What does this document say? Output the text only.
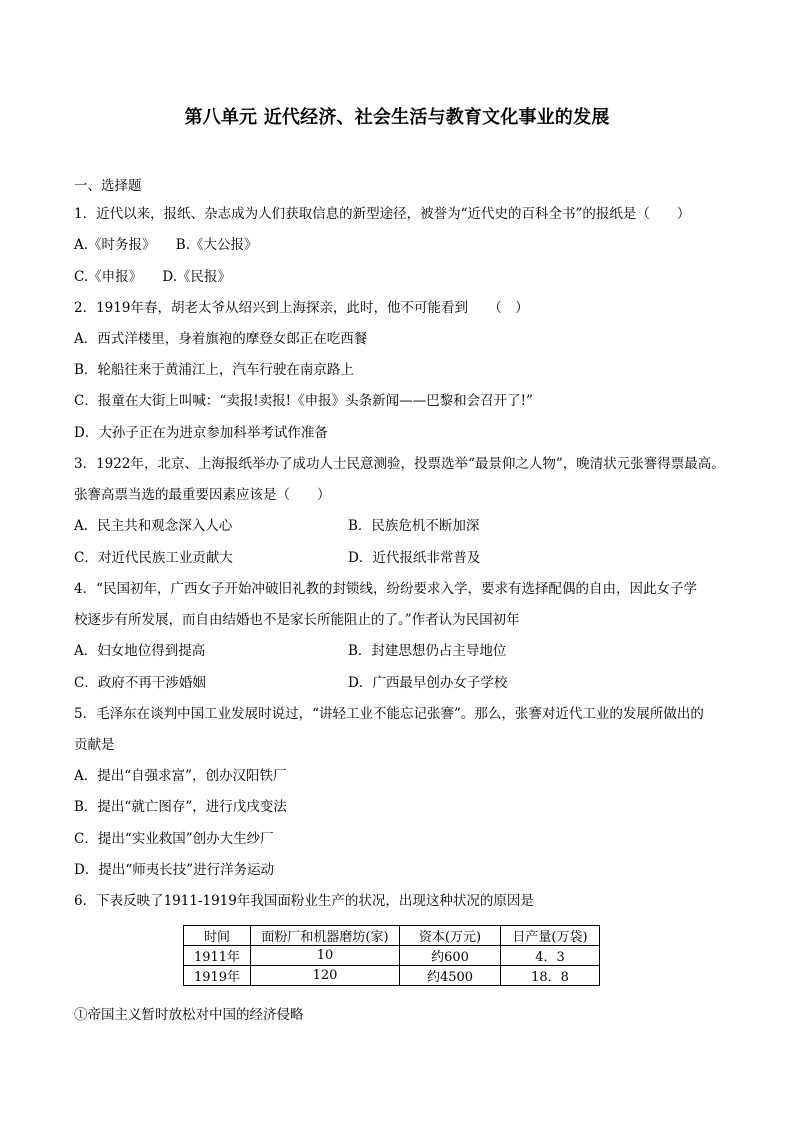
第八单元 近代经济、社会生活与教育文化事业的发展
一、选择题
1．近代以来，报纸、杂志成为人们获取信息的新型途径，被誉为“近代史的百科全书”的报纸是（　　）
A.《时务报》　　B.《大公报》
C.《申报》　　D.《民报》
2．1919年春，胡老太爷从绍兴到上海探亲，此时，他不可能看到　　（　）
A．西式洋楼里，身着旗袍的摩登女郎正在吃西餐
B．轮船往来于黄浦江上，汽车行驶在南京路上
C．报童在大街上叫喊：“卖报!卖报!《申报》头条新闻——巴黎和会召开了!”
D．大孙子正在为进京参加科举考试作准备
3．1922年，北京、上海报纸举办了成功人士民意测验，投票选举“最景仰之人物”，晚清状元张謇得票最高。
张謇高票当选的最重要因素应该是（　　）
A．民主共和观念深入人心	B．民族危机不断加深
C．对近代民族工业贡献大	D．近代报纸非常普及
4．“民国初年，广西女子开始冲破旧礼教的封锁线，纷纷要求入学，要求有选择配偶的自由，因此女子学
校逐步有所发展，而自由结婚也不是家长所能阻止的了。”作者认为民国初年
A．妇女地位得到提高	B．封建思想仍占主导地位
C．政府不再干涉婚姻	D．广西最早创办女子学校
5．毛泽东在谈判中国工业发展时说过，“讲轻工业不能忘记张謇”。那么，张謇对近代工业的发展所做出的
贡献是
A．提出“自强求富”，创办汉阳铁厂
B．提出“就亡图存”，进行戊戌变法
C．提出“实业救国”创办大生纱厂
D．提出“师夷长技”进行洋务运动
6．下表反映了1911-1919年我国面粉业生产的状况，出现这种状况的原因是
时间	面粉厂和机器磨坊(家)	资本(万元)	日产量(万袋)
1911年	10	约600	4．3
1919年	120	约4500	18．8
①帝国主义暂时放松对中国的经济侵略
